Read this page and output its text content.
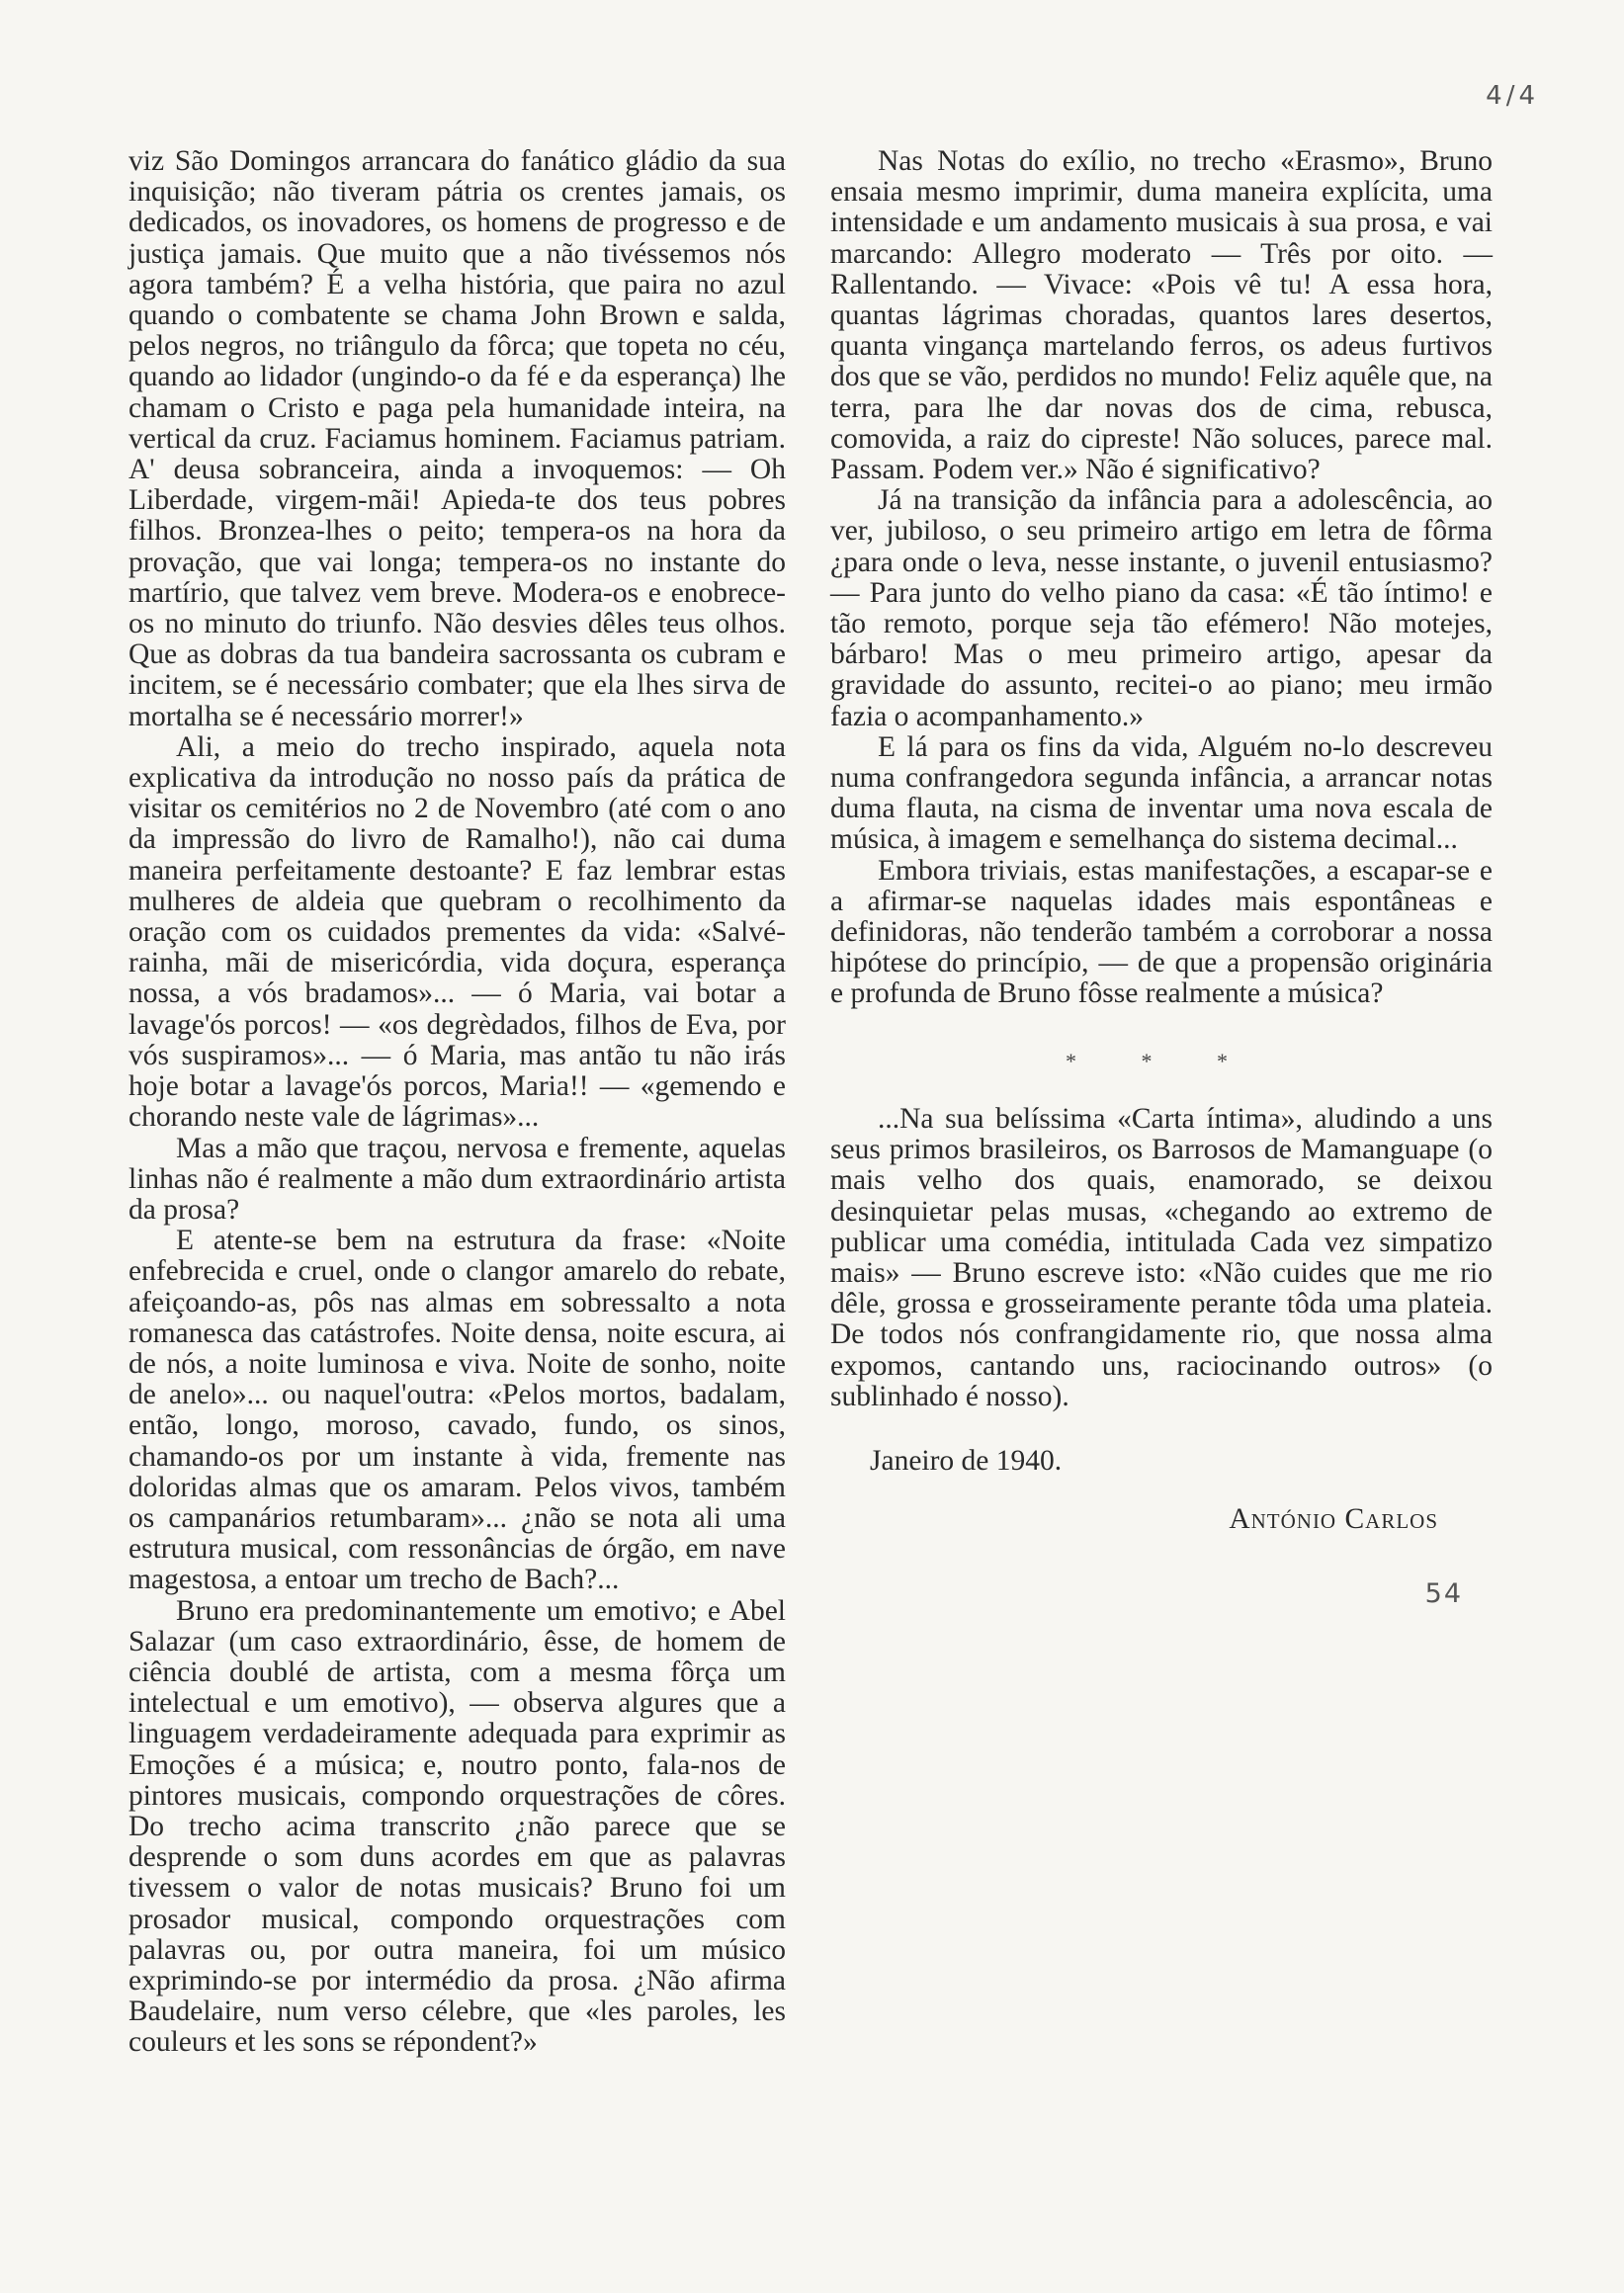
4/4

viz São Domingos arrancara do fanático gládio da sua inquisição; não tiveram pátria os crentes jamais, os dedicados, os inovadores, os homens de progresso e de justiça jamais. Que muito que a não tivéssemos nós agora também? É a velha história, que paira no azul quando o combatente se chama John Brown e salda, pelos negros, no triângulo da fôrca; que topeta no céu, quando ao lidador (ungindo-o da fé e da esperança) lhe chamam o Cristo e paga pela humanidade inteira, na vertical da cruz. Faciamus hominem. Faciamus patriam. A' deusa sobranceira, ainda a invoquemos: — Oh Liberdade, virgem-mãi! Apieda-te dos teus pobres filhos. Bronzea-lhes o peito; tempera-os na hora da provação, que vai longa; tempera-os no instante do martírio, que talvez vem breve. Modera-os e enobrece-os no minuto do triunfo. Não desvies dêles teus olhos. Que as dobras da tua bandeira sacrossanta os cubram e incitem, se é necessário combater; que ela lhes sirva de mortalha se é necessário morrer!»

Ali, a meio do trecho inspirado, aquela nota explicativa da introdução no nosso país da prática de visitar os cemitérios no 2 de Novembro (até com o ano da impressão do livro de Ramalho!), não cai duma maneira perfeitamente destoante? E faz lembrar estas mulheres de aldeia que quebram o recolhimento da oração com os cuidados prementes da vida: «Salvé-rainha, mãi de misericórdia, vida doçura, esperança nossa, a vós bradamos»... — ó Maria, vai botar a lavage'ós porcos! — «os degrèdados, filhos de Eva, por vós suspiramos»... — ó Maria, mas antão tu não irás hoje botar a lavage'ós porcos, Maria!! — «gemendo e chorando neste vale de lágrimas»...

Mas a mão que traçou, nervosa e fremente, aquelas linhas não é realmente a mão dum extraordinário artista da prosa?

E atente-se bem na estrutura da frase: «Noite enfebrecida e cruel, onde o clangor amarelo do rebate, afeiçoando-as, pôs nas almas em sobressalto a nota romanesca das catástrofes. Noite densa, noite escura, ai de nós, a noite luminosa e viva. Noite de sonho, noite de anelo»... ou naquel'outra: «Pelos mortos, badalam, então, longo, moroso, cavado, fundo, os sinos, chamando-os por um instante à vida, fremente nas doloridas almas que os amaram. Pelos vivos, também os campanários retumbaram»... ¿não se nota ali uma estrutura musical, com ressonâncias de órgão, em nave magestosa, a entoar um trecho de Bach?...

Bruno era predominantemente um emotivo; e Abel Salazar (um caso extraordinário, êsse, de homem de ciência doublé de artista, com a mesma fôrça um intelectual e um emotivo), — observa algures que a linguagem verdadeiramente adequada para exprimir as Emoções é a música; e, noutro ponto, fala-nos de pintores musicais, compondo orquestrações de côres. Do trecho acima transcrito ¿não parece que se desprende o som duns acordes em que as palavras tivessem o valor de notas musicais? Bruno foi um prosador musical, compondo orquestrações com palavras ou, por outra maneira, foi um músico exprimindo-se por intermédio da prosa. ¿Não afirma Baudelaire, num verso célebre, que «les paroles, les couleurs et les sons se répondent?»

Nas Notas do exílio, no trecho «Erasmo», Bruno ensaia mesmo imprimir, duma maneira explícita, uma intensidade e um andamento musicais à sua prosa, e vai marcando: Allegro moderato — Três por oito. — Rallentando. — Vivace: «Pois vê tu! A essa hora, quantas lágrimas choradas, quantos lares desertos, quanta vingança martelando ferros, os adeus furtivos dos que se vão, perdidos no mundo! Feliz aquêle que, na terra, para lhe dar novas dos de cima, rebusca, comovida, a raiz do cipreste! Não soluces, parece mal. Passam. Podem ver.» Não é significativo?

Já na transição da infância para a adolescência, ao ver, jubiloso, o seu primeiro artigo em letra de fôrma ¿para onde o leva, nesse instante, o juvenil entusiasmo? — Para junto do velho piano da casa: «É tão íntimo! e tão remoto, porque seja tão efémero! Não motejes, bárbaro! Mas o meu primeiro artigo, apesar da gravidade do assunto, recitei-o ao piano; meu irmão fazia o acompanhamento.»

E lá para os fins da vida, Alguém no-lo descreveu numa confrangedora segunda infância, a arrancar notas duma flauta, na cisma de inventar uma nova escala de música, à imagem e semelhança do sistema decimal...

Embora triviais, estas manifestações, a escapar-se e a afirmar-se naquelas idades mais espontâneas e definidoras, não tenderão também a corroborar a nossa hipótese do princípio, — de que a propensão originária e profunda de Bruno fôsse realmente a música?

* * *

...Na sua belíssima «Carta íntima», aludindo a uns seus primos brasileiros, os Barrosos de Mamanguape (o mais velho dos quais, enamorado, se deixou desinquietar pelas musas, «chegando ao extremo de publicar uma comédia, intitulada Cada vez simpatizo mais» — Bruno escreve isto: «Não cuides que me rio dêle, grossa e grosseiramente perante tôda uma plateia. De todos nós confrangidamente rio, que nossa alma expomos, cantando uns, raciocinando outros» (o sublinhado é nosso).

Janeiro de 1940.
António Carlos
54
